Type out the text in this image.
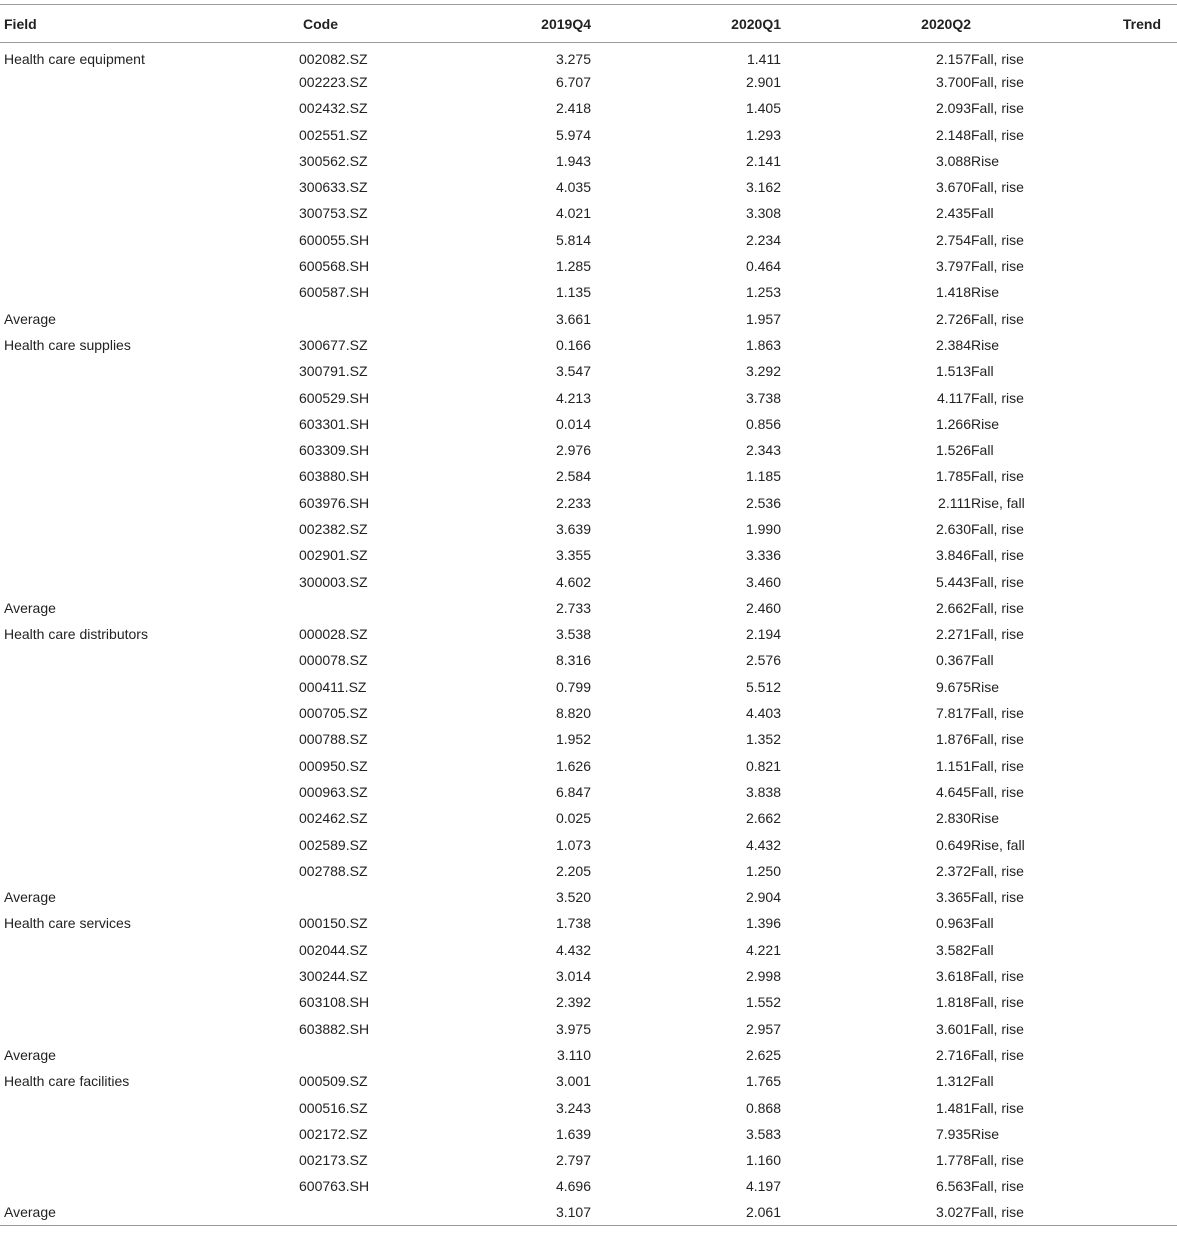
Field	Code	2019Q4	2020Q1	2020Q2	Trend
Health care equipment	002082.SZ	3.275	1.411	2.157	Fall, rise
	002223.SZ	6.707	2.901	3.700	Fall, rise
	002432.SZ	2.418	1.405	2.093	Fall, rise
	002551.SZ	5.974	1.293	2.148	Fall, rise
	300562.SZ	1.943	2.141	3.088	Rise
	300633.SZ	4.035	3.162	3.670	Fall, rise
	300753.SZ	4.021	3.308	2.435	Fall
	600055.SH	5.814	2.234	2.754	Fall, rise
	600568.SH	1.285	0.464	3.797	Fall, rise
	600587.SH	1.135	1.253	1.418	Rise
Average		3.661	1.957	2.726	Fall, rise
Health care supplies	300677.SZ	0.166	1.863	2.384	Rise
	300791.SZ	3.547	3.292	1.513	Fall
	600529.SH	4.213	3.738	4.117	Fall, rise
	603301.SH	0.014	0.856	1.266	Rise
	603309.SH	2.976	2.343	1.526	Fall
	603880.SH	2.584	1.185	1.785	Fall, rise
	603976.SH	2.233	2.536	2.111	Rise, fall
	002382.SZ	3.639	1.990	2.630	Fall, rise
	002901.SZ	3.355	3.336	3.846	Fall, rise
	300003.SZ	4.602	3.460	5.443	Fall, rise
Average		2.733	2.460	2.662	Fall, rise
Health care distributors	000028.SZ	3.538	2.194	2.271	Fall, rise
	000078.SZ	8.316	2.576	0.367	Fall
	000411.SZ	0.799	5.512	9.675	Rise
	000705.SZ	8.820	4.403	7.817	Fall, rise
	000788.SZ	1.952	1.352	1.876	Fall, rise
	000950.SZ	1.626	0.821	1.151	Fall, rise
	000963.SZ	6.847	3.838	4.645	Fall, rise
	002462.SZ	0.025	2.662	2.830	Rise
	002589.SZ	1.073	4.432	0.649	Rise, fall
	002788.SZ	2.205	1.250	2.372	Fall, rise
Average		3.520	2.904	3.365	Fall, rise
Health care services	000150.SZ	1.738	1.396	0.963	Fall
	002044.SZ	4.432	4.221	3.582	Fall
	300244.SZ	3.014	2.998	3.618	Fall, rise
	603108.SH	2.392	1.552	1.818	Fall, rise
	603882.SH	3.975	2.957	3.601	Fall, rise
Average		3.110	2.625	2.716	Fall, rise
Health care facilities	000509.SZ	3.001	1.765	1.312	Fall
	000516.SZ	3.243	0.868	1.481	Fall, rise
	002172.SZ	1.639	3.583	7.935	Rise
	002173.SZ	2.797	1.160	1.778	Fall, rise
	600763.SH	4.696	4.197	6.563	Fall, rise
Average		3.107	2.061	3.027	Fall, rise
